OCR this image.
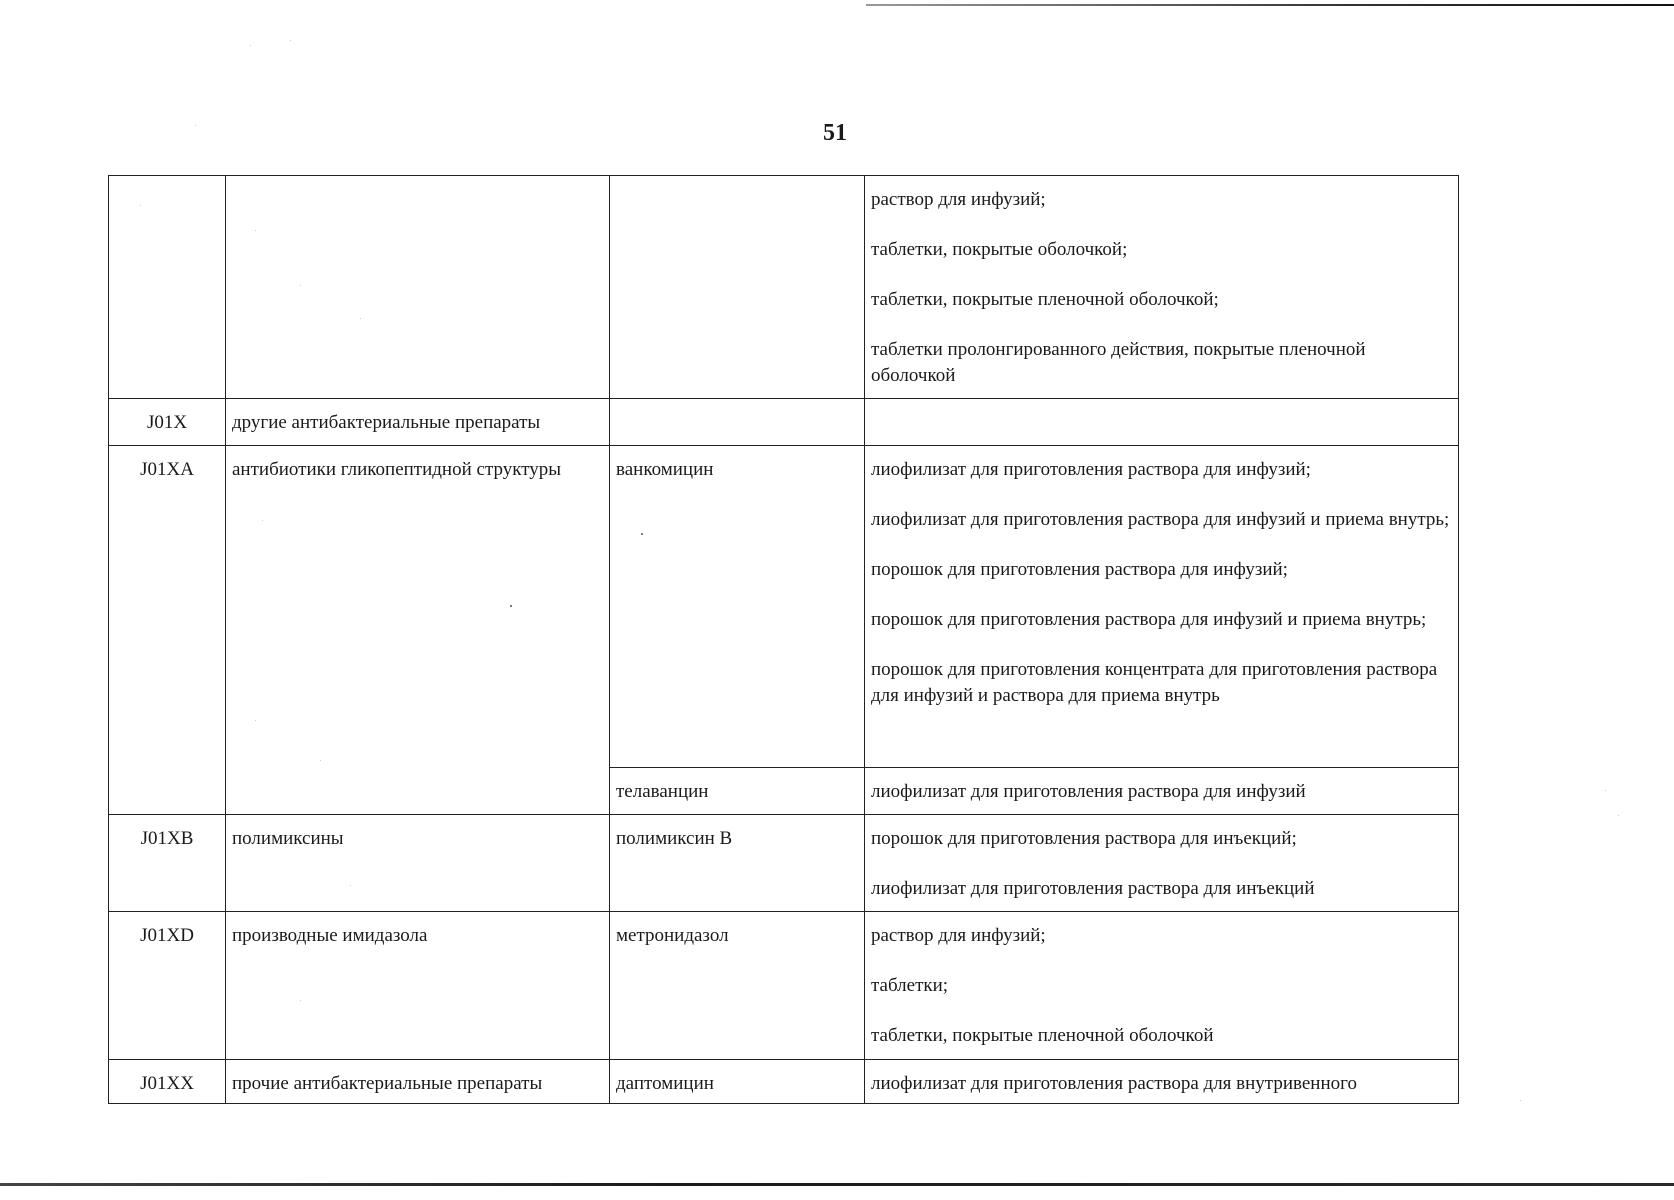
51

			раствор для инфузий;
таблетки, покрытые оболочкой;
таблетки, покрытые пленочной оболочкой;
таблетки пролонгированного действия, покрытые пленочной оболочкой

J01X	другие антибактериальные препараты		
J01XA	антибиотики гликопептидной структуры	ванкомицин	лиофилизат для приготовления раствора для инфузий;
лиофилизат для приготовления раствора для инфузий и приема внутрь;
порошок для приготовления раствора для инфузий;
порошок для приготовления раствора для инфузий и приема внутрь;
порошок для приготовления концентрата для приготовления раствора для инфузий и раствора для приема внутрь

		телаванцин	лиофилизат для приготовления раствора для инфузий

J01XB	полимиксины	полимиксин В	порошок для приготовления раствора для инъекций;
лиофилизат для приготовления раствора для инъекций

J01XD	производные имидазола	метронидазол	раствор для инфузий;
таблетки;
таблетки, покрытые пленочной оболочкой

J01XX	прочие антибактериальные препараты	даптомицин	лиофилизат для приготовления раствора для внутривенного
